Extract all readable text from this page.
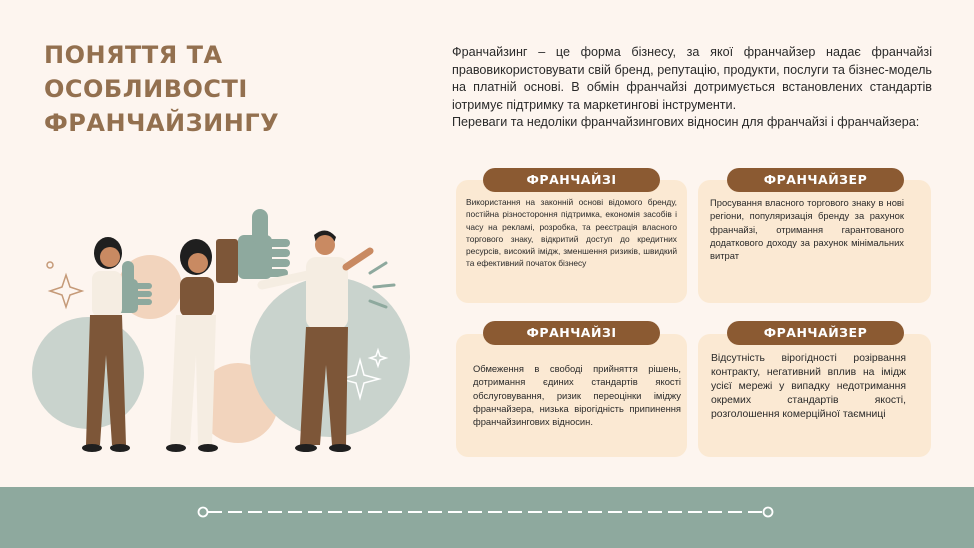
ПОНЯТТЯ ТА ОСОБЛИВОСТІ ФРАНЧАЙЗИНГУ

Франчайзинг – це форма бізнесу, за якої франчайзер надає франчайзі правовикористовувати свій бренд, репутацію, продукти, послуги та бізнес-модель на платній основі. В обмін франчайзі дотримується встановлених стандартів іотримує підтримку та маркетингові інструменти.

Переваги та недоліки франчайзингових відносин для франчайзі і франчайзера:

Використання на законній основі відомого бренду, постійна різностороння підтримка, економія засобів і часу на рекламі, розробка, та реєстрація власного торгового знаку, відкритий доступ до кредитних ресурсів, високий імідж, зменшення ризиків, швидкий та ефективний початок бізнесу
ФРАНЧАЙЗІ
Просування власного торгового знаку в нові регіони, популяризація бренду за рахунок франчайзі, отримання гарантованого додаткового доходу за рахунок мінімальних витрат
ФРАНЧАЙЗЕР
Обмеження в свободі прийняття рішень, дотримання єдиних стандартів якості обслуговування, ризик переоцінки іміджу франчайзера, низька вірогідність припинення франчайзингових відносин.
ФРАНЧАЙЗІ
Відсутність вірогідності розірвання контракту, негативний вплив на імідж усієї мережі у випадку недотримання окремих стандартів якості, розголошення комерційної таємниці
ФРАНЧАЙЗЕР
